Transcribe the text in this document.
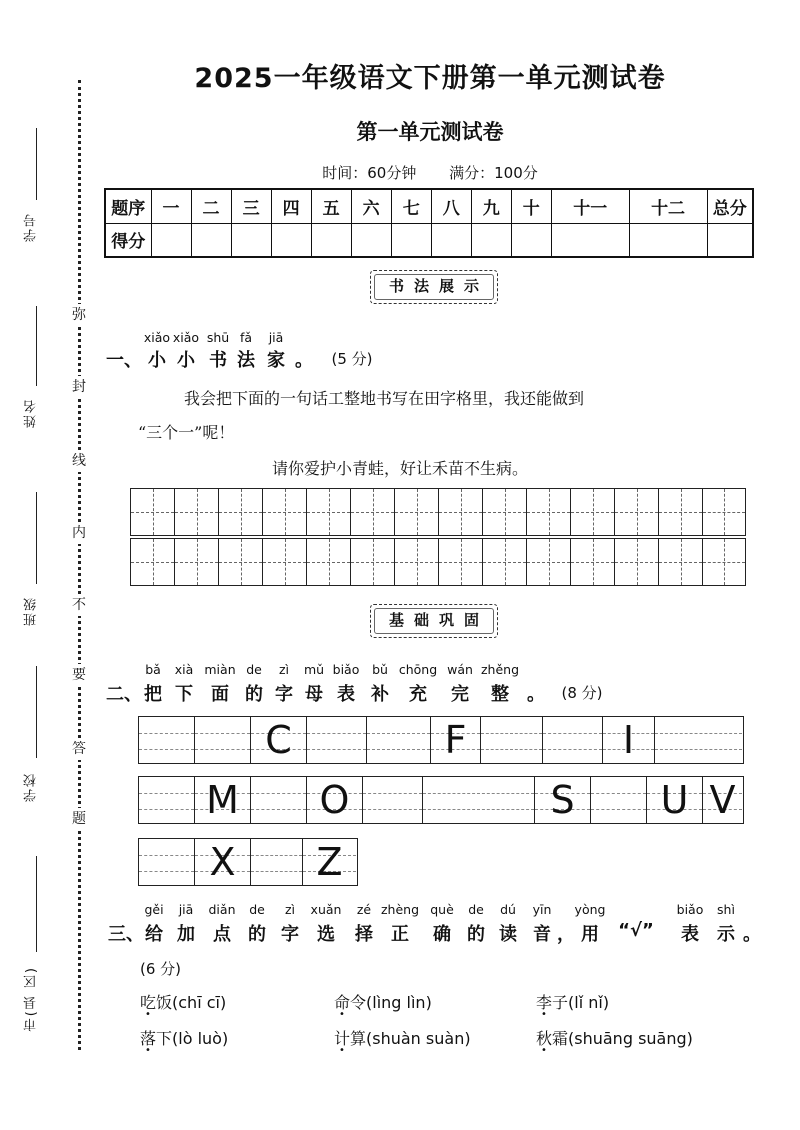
学号
姓名
班级
学校
市(县 区)
弥
封
线
内
不
要
答
题
2025一年级语文下册第一单元测试卷
第一单元测试卷
时间：60分钟 满分：100分
题序	一	二	三	四	五	六	七	八	九	十	十一	十二	总分
得分													
书法展示
xiǎo xiǎo shū fǎ jiā
一、 小 小 书 法 家 。 (5 分)
我会把下面的一句话工整地书写在田字格里，我还能做到
“三个一”呢！
请你爱护小青蛙，好让禾苗不生病。
基础巩固
bǎ xià miàn de zì mǔ biǎo bǔ chōng wán zhěng
二、 把 下 面 的 字 母 表 补 充 完 整 。 (8 分)
C	F	I
M	O	S	U V
X	Z
gěi jiā diǎn de zì xuǎn zé zhèng què de dú yīn yòng	biǎo shì
三、 给 加 点 的 字 选 择 正 确 的 读 音 ， 用 “√” 表 示 。
(6 分)
吃饭(chī cī)	命令(lìng lìn)	李子(lǐ nǐ)
落下(lò luò)	计算(shuàn suàn)	秋霜(shuāng suāng)
